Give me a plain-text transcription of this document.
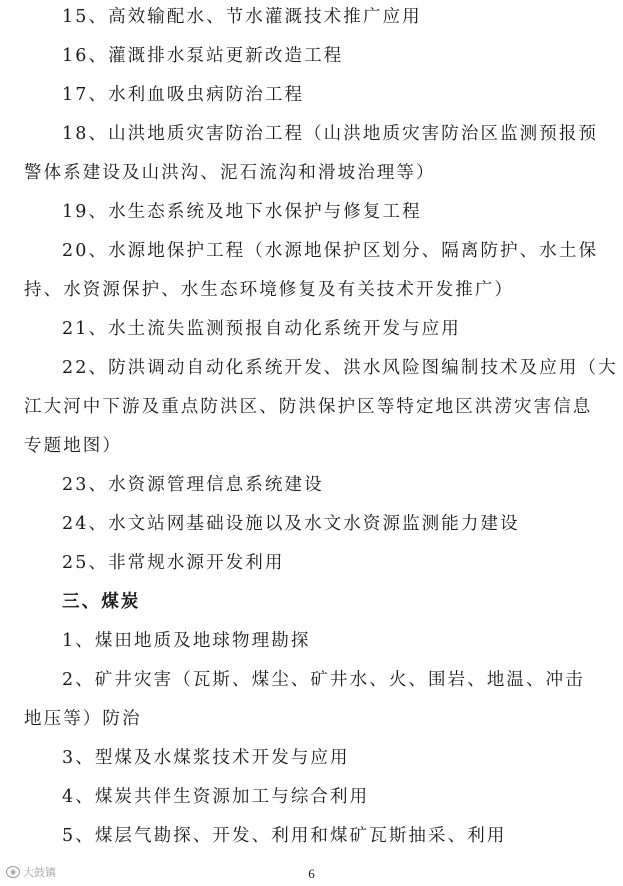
15、高效输配水、节水灌溉技术推广应用
16、灌溉排水泵站更新改造工程
17、水利血吸虫病防治工程
18、山洪地质灾害防治工程（山洪地质灾害防治区监测预报预
警体系建设及山洪沟、泥石流沟和滑坡治理等）
19、水生态系统及地下水保护与修复工程
20、水源地保护工程（水源地保护区划分、隔离防护、水土保
持、水资源保护、水生态环境修复及有关技术开发推广）
21、水土流失监测预报自动化系统开发与应用
22、防洪调动自动化系统开发、洪水风险图编制技术及应用（大
江大河中下游及重点防洪区、防洪保护区等特定地区洪涝灾害信息
专题地图）
23、水资源管理信息系统建设
24、水文站网基础设施以及水文水资源监测能力建设
25、非常规水源开发利用
三、煤炭
1、煤田地质及地球物理勘探
2、矿井灾害（瓦斯、煤尘、矿井水、火、围岩、地温、冲击
地压等）防治
3、型煤及水煤浆技术开发与应用
4、煤炭共伴生资源加工与综合利用
5、煤层气勘探、开发、利用和煤矿瓦斯抽采、利用
◉ 大鼓镇	6
